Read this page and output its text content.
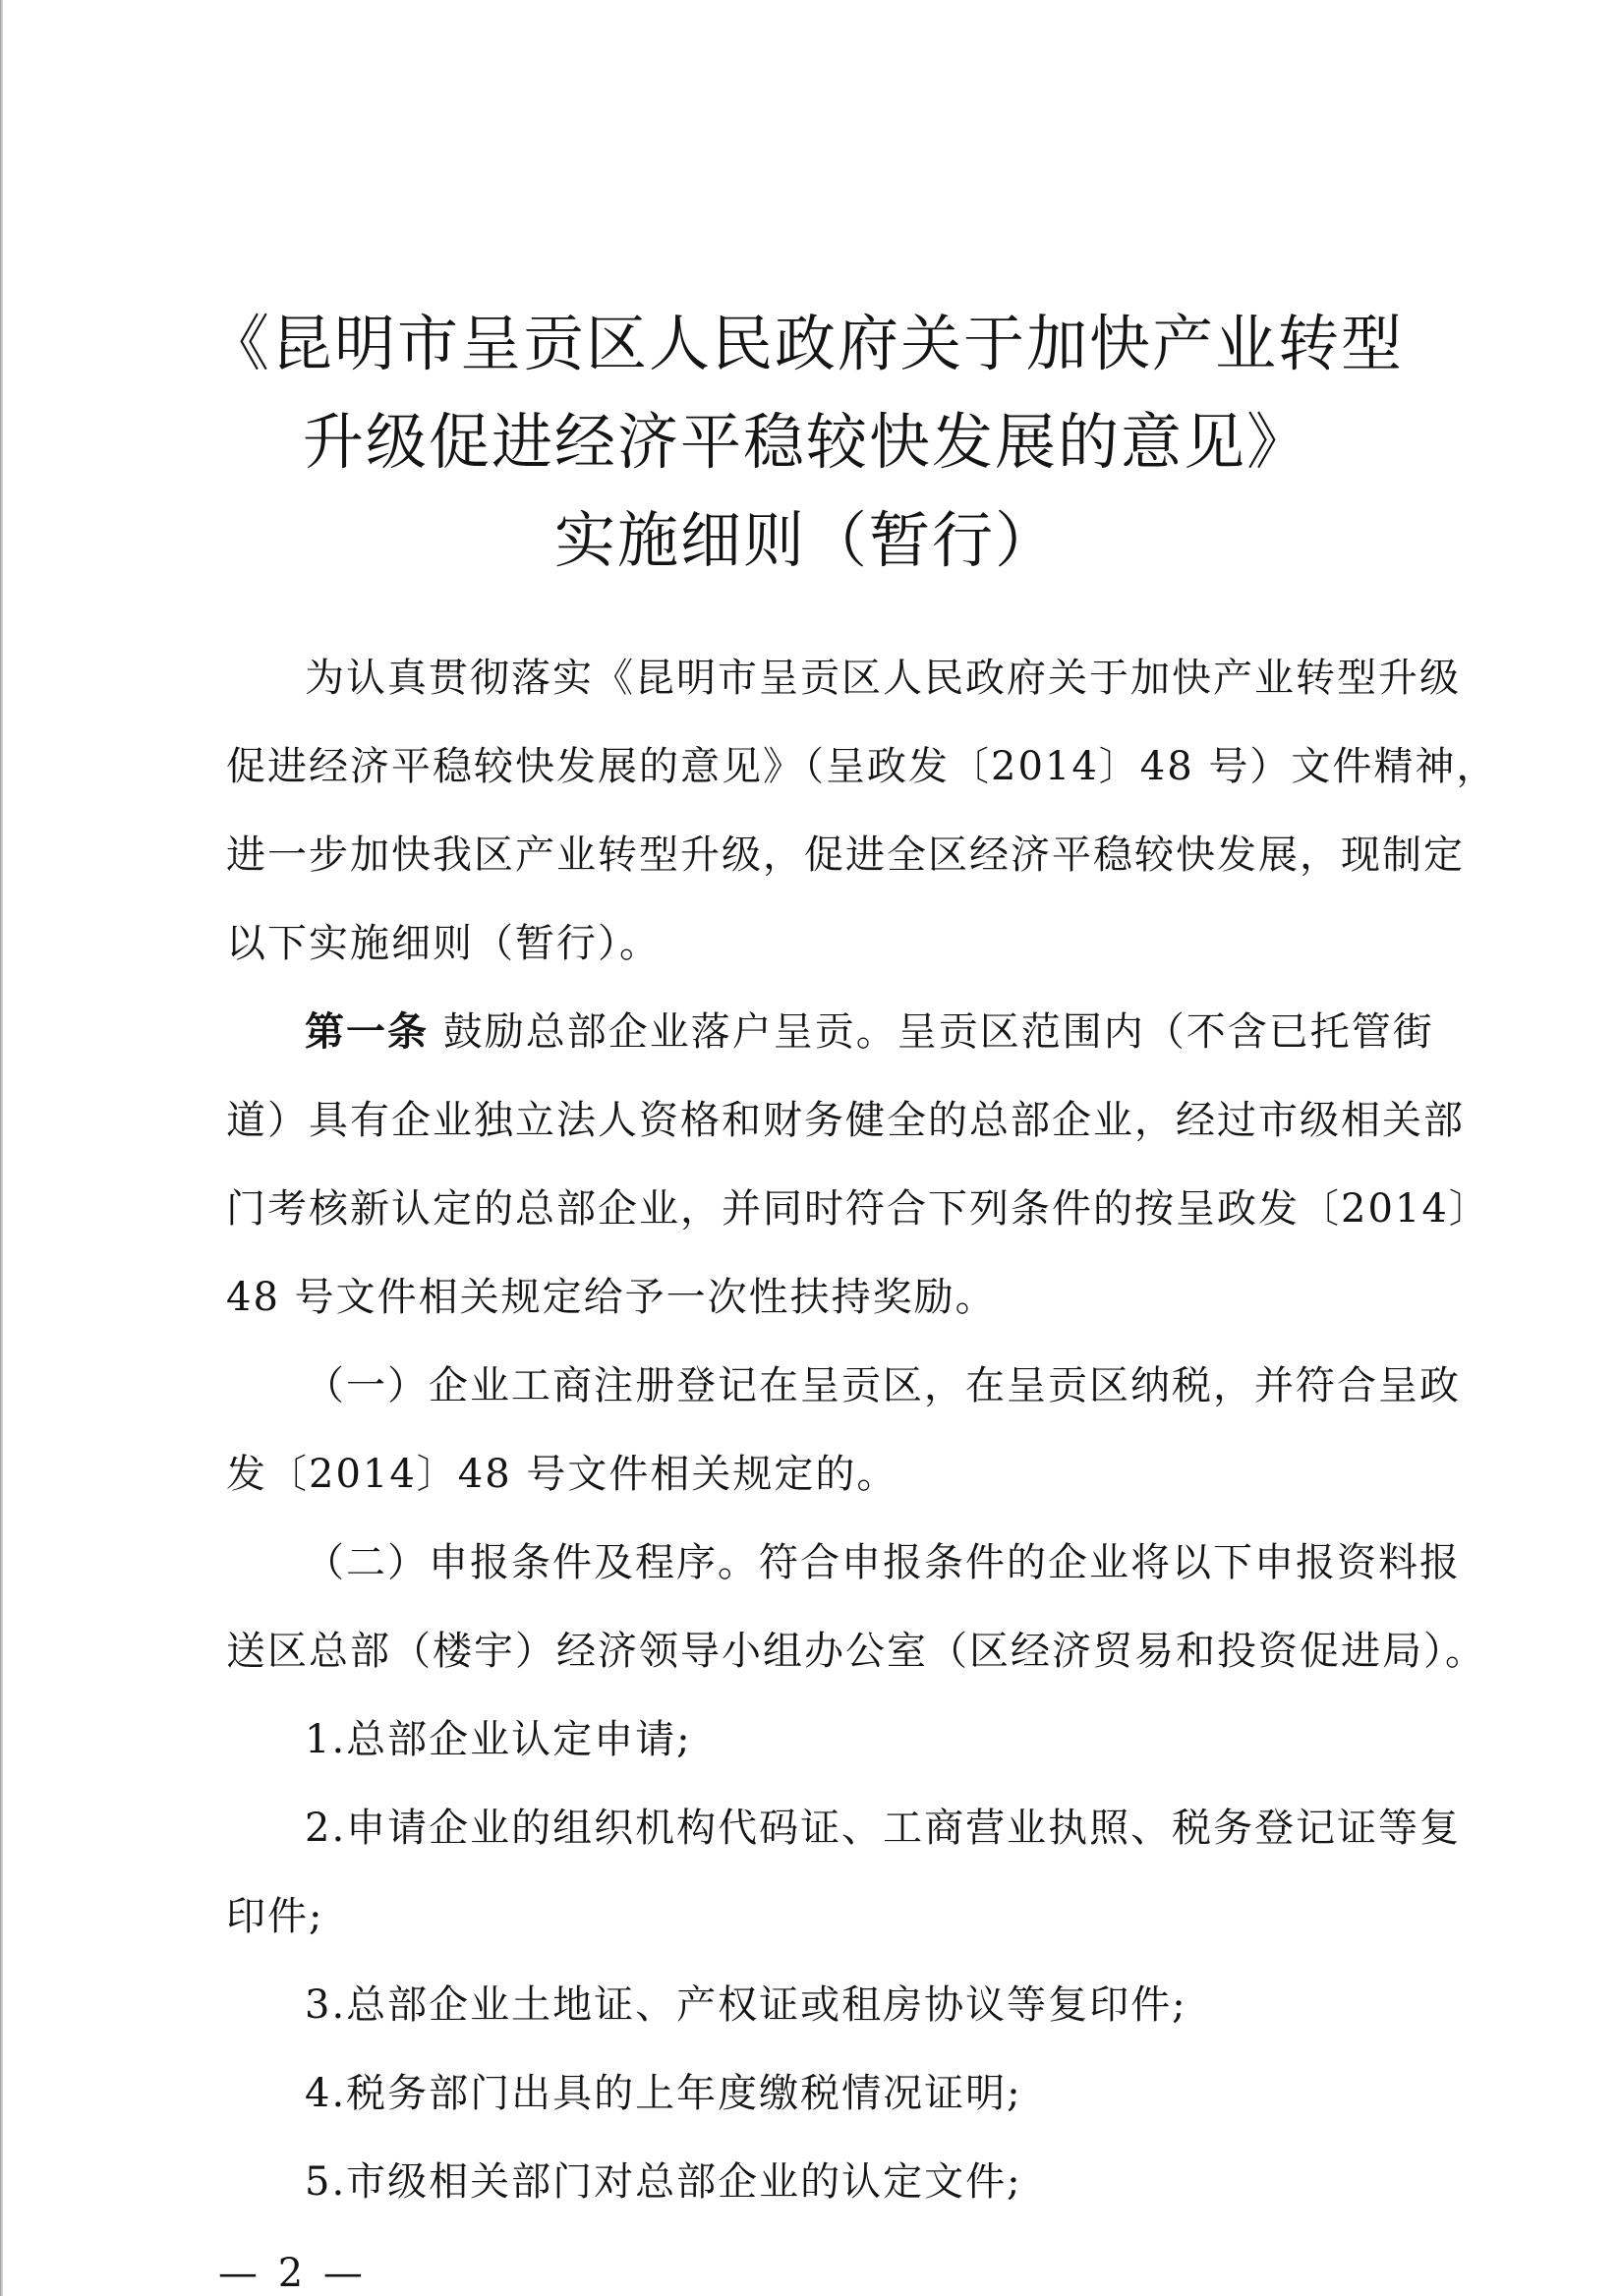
《昆明市呈贡区人民政府关于加快产业转型
升级促进经济平稳较快发展的意见》
实施细则（暂行）
为认真贯彻落实《昆明市呈贡区人民政府关于加快产业转型升级
促进经济平稳较快发展的意见》（呈政发〔2014〕48 号）文件精神，
进一步加快我区产业转型升级，促进全区经济平稳较快发展，现制定
以下实施细则（暂行）。
第一条 鼓励总部企业落户呈贡。呈贡区范围内（不含已托管街
道）具有企业独立法人资格和财务健全的总部企业，经过市级相关部
门考核新认定的总部企业，并同时符合下列条件的按呈政发〔2014〕
48 号文件相关规定给予一次性扶持奖励。
（一）企业工商注册登记在呈贡区，在呈贡区纳税，并符合呈政
发〔2014〕48 号文件相关规定的。
（二）申报条件及程序。符合申报条件的企业将以下申报资料报
送区总部（楼宇）经济领导小组办公室（区经济贸易和投资促进局）。
1.总部企业认定申请;
2.申请企业的组织机构代码证、工商营业执照、税务登记证等复
印件;
3.总部企业土地证、产权证或租房协议等复印件;
4.税务部门出具的上年度缴税情况证明;
5.市级相关部门对总部企业的认定文件;
— 2 —
